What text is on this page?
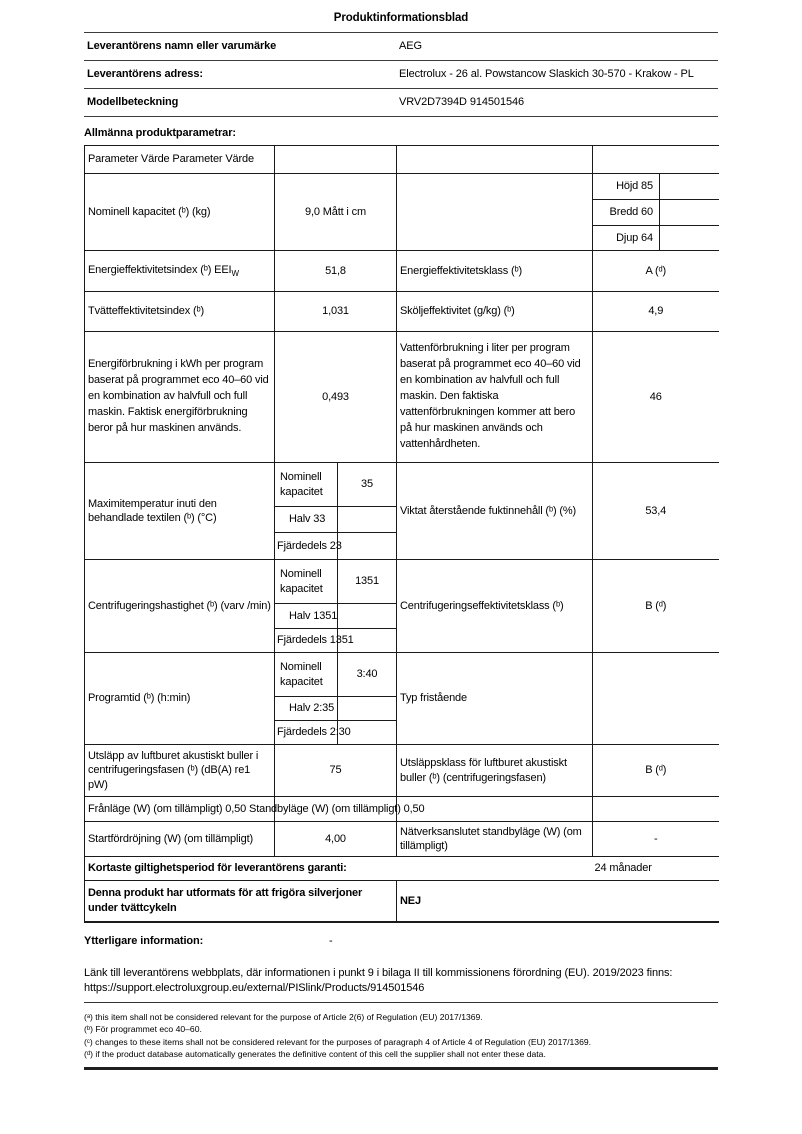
Produktinformationsblad
Leverantörens namn eller varumärke	AEG
Leverantörens adress:	Electrolux - 26 al. Powstancow Slaskich 30-570 - Krakow - PL
Modellbeteckning	VRV2D7394D 914501546
Allmänna produktparametrar:
Parameter Värde Parameter Värde					
Nominell kapacitet (ᵇ) (kg)	9,0 Mått i cm			Höjd 85	
				Bredd 60	
				Djup 64	
Energieffektivitetsindex (ᵇ) $EEI_W$	51,8		Energieffektivitetsklass (ᵇ)	A (ᵈ)	
Tvätteffektivitetsindex (ᵇ)	1,031		Sköljeffektivitet (g/kg) (ᵇ)	4,9	
Energiförbrukning i kWh per program baserat på programmet eco 40–60 vid en kombination av halvfull och full maskin. Faktisk energiförbrukning beror på hur maskinen används.	0,493		Vattenförbrukning i liter per program baserat på programmet eco 40–60 vid en kombination av halvfull och full maskin. Den faktiska vattenförbrukningen kommer att bero på hur maskinen används och vattenhårdheten.	46	
Maximitemperatur inuti den behandlade textilen (ᵇ) (°C)	Nominell kapacitet	35	Viktat återstående fuktinnehåll (ᵇ) (%)	53,4	
	Halv 33				
	Fjärdedels 23				
Centrifugeringshastighet (ᵇ) (varv /min)	Nominell kapacitet	1351	Centrifugeringseffektivitetsklass (ᵇ)	B (ᵈ)	
	Halv 1351				
	Fjärdedels 1351				
Programtid (ᵇ) (h:min)	Nominell kapacitet	3:40	Typ fristående		
	Halv 2:35				
	Fjärdedels 2:30				
Utsläpp av luftburet akustiskt buller i centrifugeringsfasen (ᵇ) (dB(A) re1 pW)	75		Utsläppsklass för luftburet akustiskt buller (ᵇ) (centrifugeringsfasen)	B (ᵈ)	
Frånläge (W) (om tillämpligt) 0,50 Standbyläge (W) (om tillämpligt) 0,50					
Startfördröjning (W) (om tillämpligt)	4,00		Nätverksanslutet standbyläge (W) (om tillämpligt)	-	
Kortaste giltighetsperiod för leverantörens garanti:				24 månader	
Denna produkt har utformats för att frigöra silverjoner under tvättcykeln			NEJ		
Ytterligare information:	-
Länk till leverantörens webbplats, där informationen i punkt 9 i bilaga II till kommissionens förordning (EU). 2019/2023 finns:
https://support.electroluxgroup.eu/external/PISlink/Products/914501546
(ᵃ) this item shall not be considered relevant for the purpose of Article 2(6) of Regulation (EU) 2017/1369.
(ᵇ) För programmet eco 40–60.
(ᶜ) changes to these items shall not be considered relevant for the purposes of paragraph 4 of Article 4 of Regulation (EU) 2017/1369.
(ᵈ) if the product database automatically generates the definitive content of this cell the supplier shall not enter these data.
